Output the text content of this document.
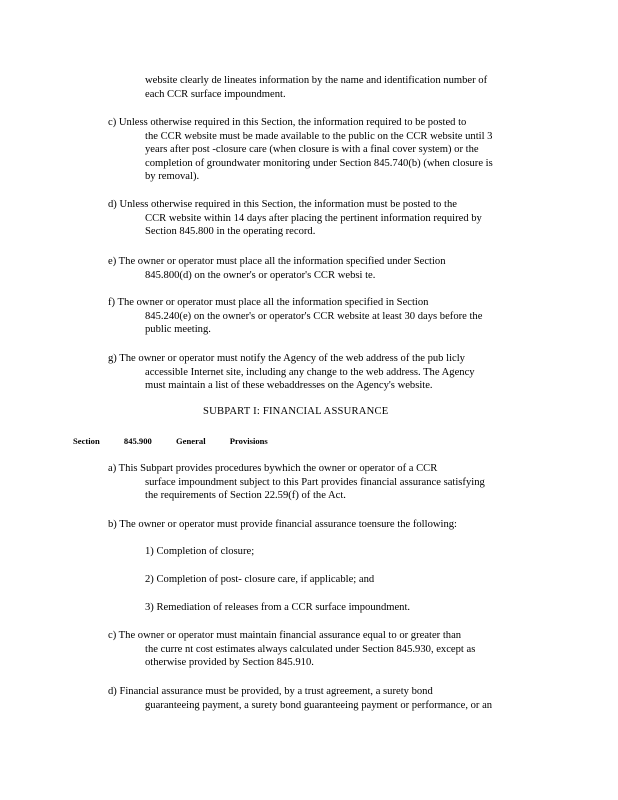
website clearly de lineates information by the name and identification number of
each CCR surface impoundment.
c) Unless otherwise required in this Section, the information required to be posted to
the CCR website must be made available to the public on the CCR website until 3
years after post -closure care (when closure is with a final cover system) or the
completion of groundwater monitoring under Section 845.740(b) (when closure is
by removal).
d) Unless otherwise required in this Section, the information must be posted to the
CCR website within 14 days after placing the pertinent information required by
Section 845.800 in the operating record.
e) The owner or operator must place all the information specified under Section
845.800(d) on the owner's or operator's CCR websi te.
f) The owner or operator must place all the information specified in Section
845.240(e) on the owner's or operator's CCR website at least 30 days before the
public meeting.
g) The owner or operator must notify the Agency of the web address of the pub licly
accessible Internet site, including any change to the web address. The Agency
must maintain a list of these webaddresses on the Agency's website.
SUBPART I: FINANCIAL ASSURANCE
Section	845.900	General	Provisions
a) This Subpart provides procedures bywhich the owner or operator of a CCR
surface impoundment subject to this Part provides financial assurance satisfying
the requirements of Section 22.59(f) of the Act.
b) The owner or operator must provide financial assurance toensure the following:
1) Completion of closure;
2) Completion of post- closure care, if applicable; and
3) Remediation of releases from a CCR surface impoundment.
c) The owner or operator must maintain financial assurance equal to or greater than
the curre nt cost estimates always calculated under Section 845.930, except as
otherwise provided by Section 845.910.
d) Financial assurance must be provided, by a trust agreement, a surety bond
guaranteeing payment, a surety bond guaranteeing payment or performance, or an
